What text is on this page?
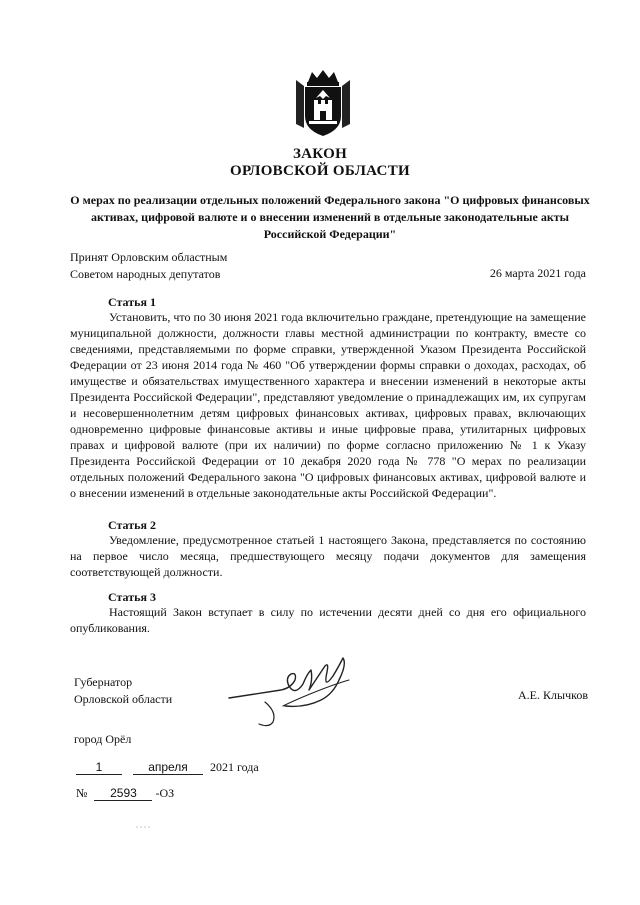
ЗАКОН
ОРЛОВСКОЙ ОБЛАСТИ
О мерах по реализации отдельных положений Федерального закона "О цифровых финансовых активах, цифровой валюте и о внесении изменений в отдельные законодательные акты Российской Федерации"
Принят Орловским областным
Советом народных депутатов	26 марта 2021 года
Статья 1
Установить, что по 30 июня 2021 года включительно граждане, претендующие на замещение муниципальной должности, должности главы местной администрации по контракту, вместе со сведениями, представляемыми по форме справки, утвержденной Указом Президента Российской Федерации от 23 июня 2014 года № 460 "Об утверждении формы справки о доходах, расходах, об имуществе и обязательствах имущественного характера и внесении изменений в некоторые акты Президента Российской Федерации", представляют уведомление о принадлежащих им, их супругам и несовершеннолетним детям цифровых финансовых активах, цифровых правах, включающих одновременно цифровые финансовые активы и иные цифровые права, утилитарных цифровых правах и цифровой валюте (при их наличии) по форме согласно приложению № 1 к Указу Президента Российской Федерации от 10 декабря 2020 года № 778 "О мерах по реализации отдельных положений Федерального закона "О цифровых финансовых активах, цифровой валюте и о внесении изменений в отдельные законодательные акты Российской Федерации".
Статья 2
Уведомление, предусмотренное статьей 1 настоящего Закона, представляется по состоянию на первое число месяца, предшествующего месяцу подачи документов для замещения соответствующей должности.
Статья 3
Настоящий Закон вступает в силу по истечении десяти дней со дня его официального опубликования.
Губернатор
Орловской области	А.Е. Клычков
город Орёл
1	апреля 2021 года
№ 2593 -ОЗ
